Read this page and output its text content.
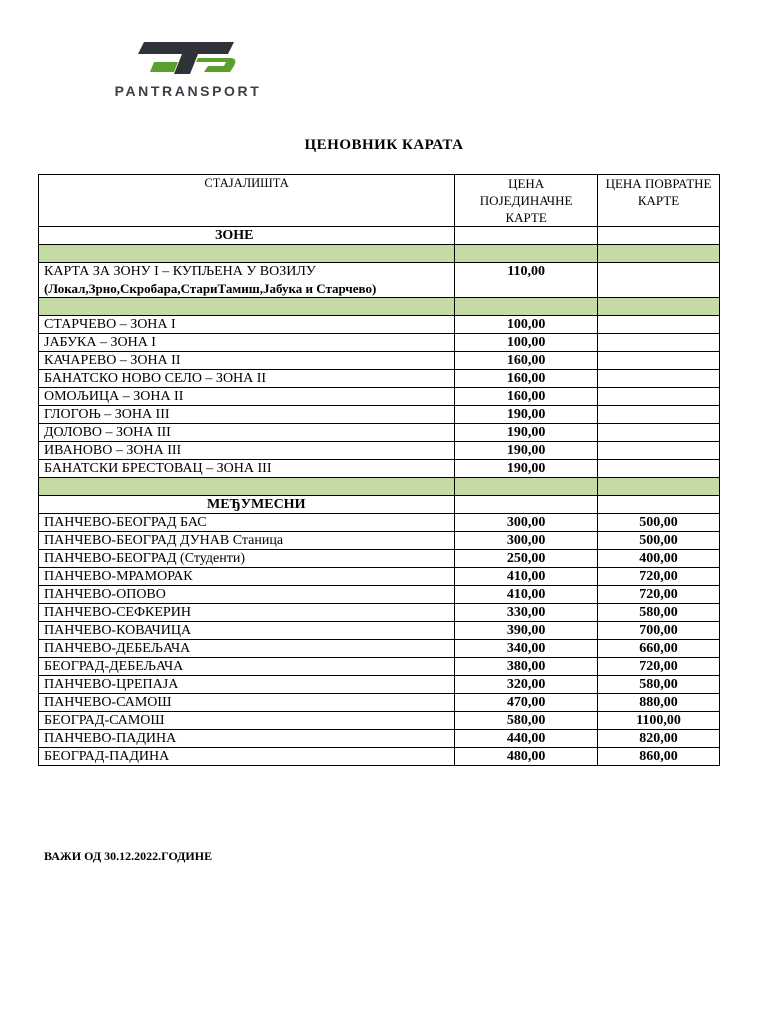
PANTRANSPORT
ЦЕНОВНИК КАРАТА
СТАЈАЛИШТА	ЦЕНА ПОЈЕДИНАЧНЕ КАРТЕ	ЦЕНА ПОВРАТНЕ КАРТЕ
ЗОНЕ		

КАРТА ЗА ЗОНУ I – КУПЉЕНА У ВОЗИЛУ
(Локал,Зрно,Скробара,СтариТамиш,Јабука и Старчево)	110,00	

СТАРЧЕВО – ЗОНА I	100,00	
ЈАБУКА – ЗОНА I	100,00	
КАЧАРЕВО – ЗОНА II	160,00	
БАНАТСКО НОВО СЕЛО – ЗОНА II	160,00	
ОМОЉИЦА – ЗОНА II	160,00	
ГЛОГОЊ – ЗОНА III	190,00	
ДОЛОВО – ЗОНА III	190,00	
ИВАНОВО – ЗОНА III	190,00	
БАНАТСКИ БРЕСТОВАЦ – ЗОНА III	190,00	

МЕЂУМЕСНИ		
ПАНЧЕВО-БЕОГРАД БАС	300,00	500,00
ПАНЧЕВО-БЕОГРАД ДУНАВ Станица	300,00	500,00
ПАНЧЕВО-БЕОГРАД (Студенти)	250,00	400,00
ПАНЧЕВО-МРАМОРАК	410,00	720,00
ПАНЧЕВО-ОПОВО	410,00	720,00
ПАНЧЕВО-СЕФКЕРИН	330,00	580,00
ПАНЧЕВО-КОВАЧИЦА	390,00	700,00
ПАНЧЕВО-ДЕБЕЉАЧА	340,00	660,00
БЕОГРАД-ДЕБЕЉАЧА	380,00	720,00
ПАНЧЕВО-ЦРЕПАЈА	320,00	580,00
ПАНЧЕВО-САМОШ	470,00	880,00
БЕОГРАД-САМОШ	580,00	1100,00
ПАНЧЕВО-ПАДИНА	440,00	820,00
БЕОГРАД-ПАДИНА	480,00	860,00
ВАЖИ ОД 30.12.2022.ГОДИНЕ
